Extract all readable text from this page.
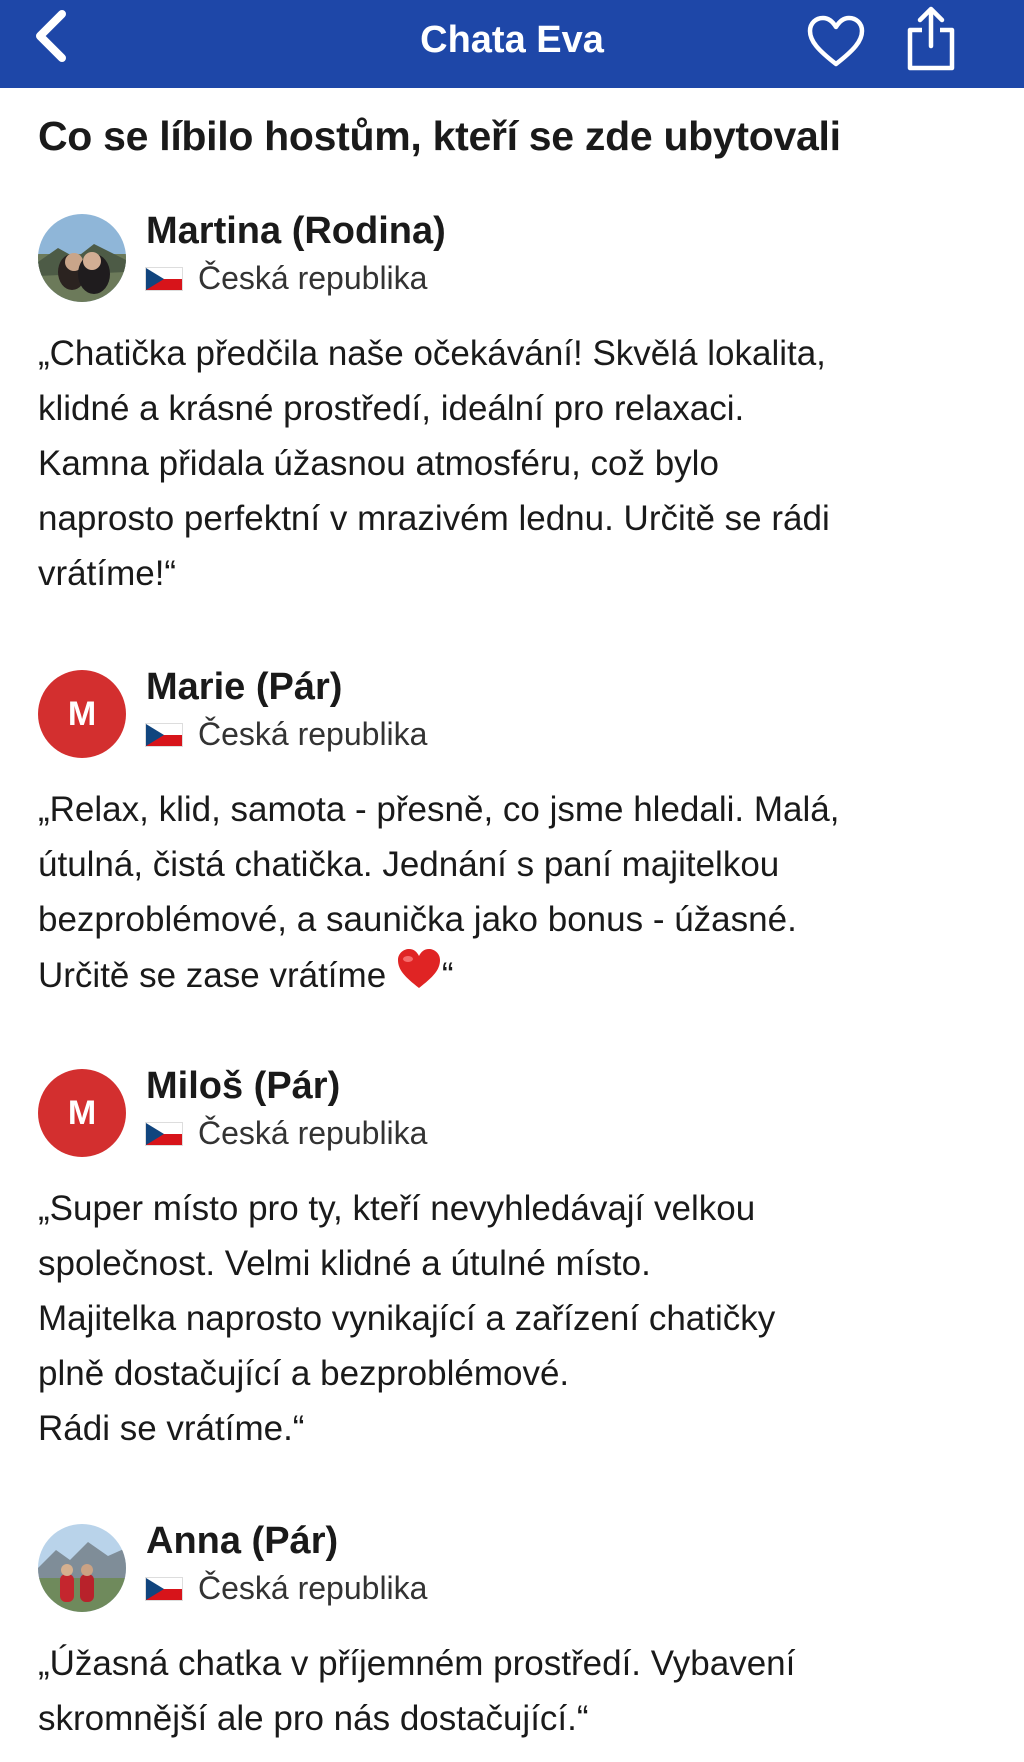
Chata Eva
Co se líbilo hostům, kteří se zde ubytovali
Martina (Rodina)
Česká republika
„Chatička předčila naše očekávání! Skvělá lokalita,
klidné a krásné prostředí, ideální pro relaxaci.
Kamna přidala úžasnou atmosféru, což bylo
naprosto perfektní v mrazivém lednu. Určitě se rádi
vrátíme!“
M
Marie (Pár)
Česká republika
„Relax, klid, samota - přesně, co jsme hledali. Malá,
útulná, čistá chatička. Jednání s paní majitelkou
bezproblémové, a saunička jako bonus - úžasné.
Určitě se zase vrátíme “
M
Miloš (Pár)
Česká republika
„Super místo pro ty, kteří nevyhledávají velkou
společnost. Velmi klidné a útulné místo.
Majitelka naprosto vynikající a zařízení chatičky
plně dostačující a bezproblémové.
Rádi se vrátíme.“
Anna (Pár)
Česká republika
„Úžasná chatka v příjemném prostředí. Vybavení
skromnější ale pro nás dostačující.“
